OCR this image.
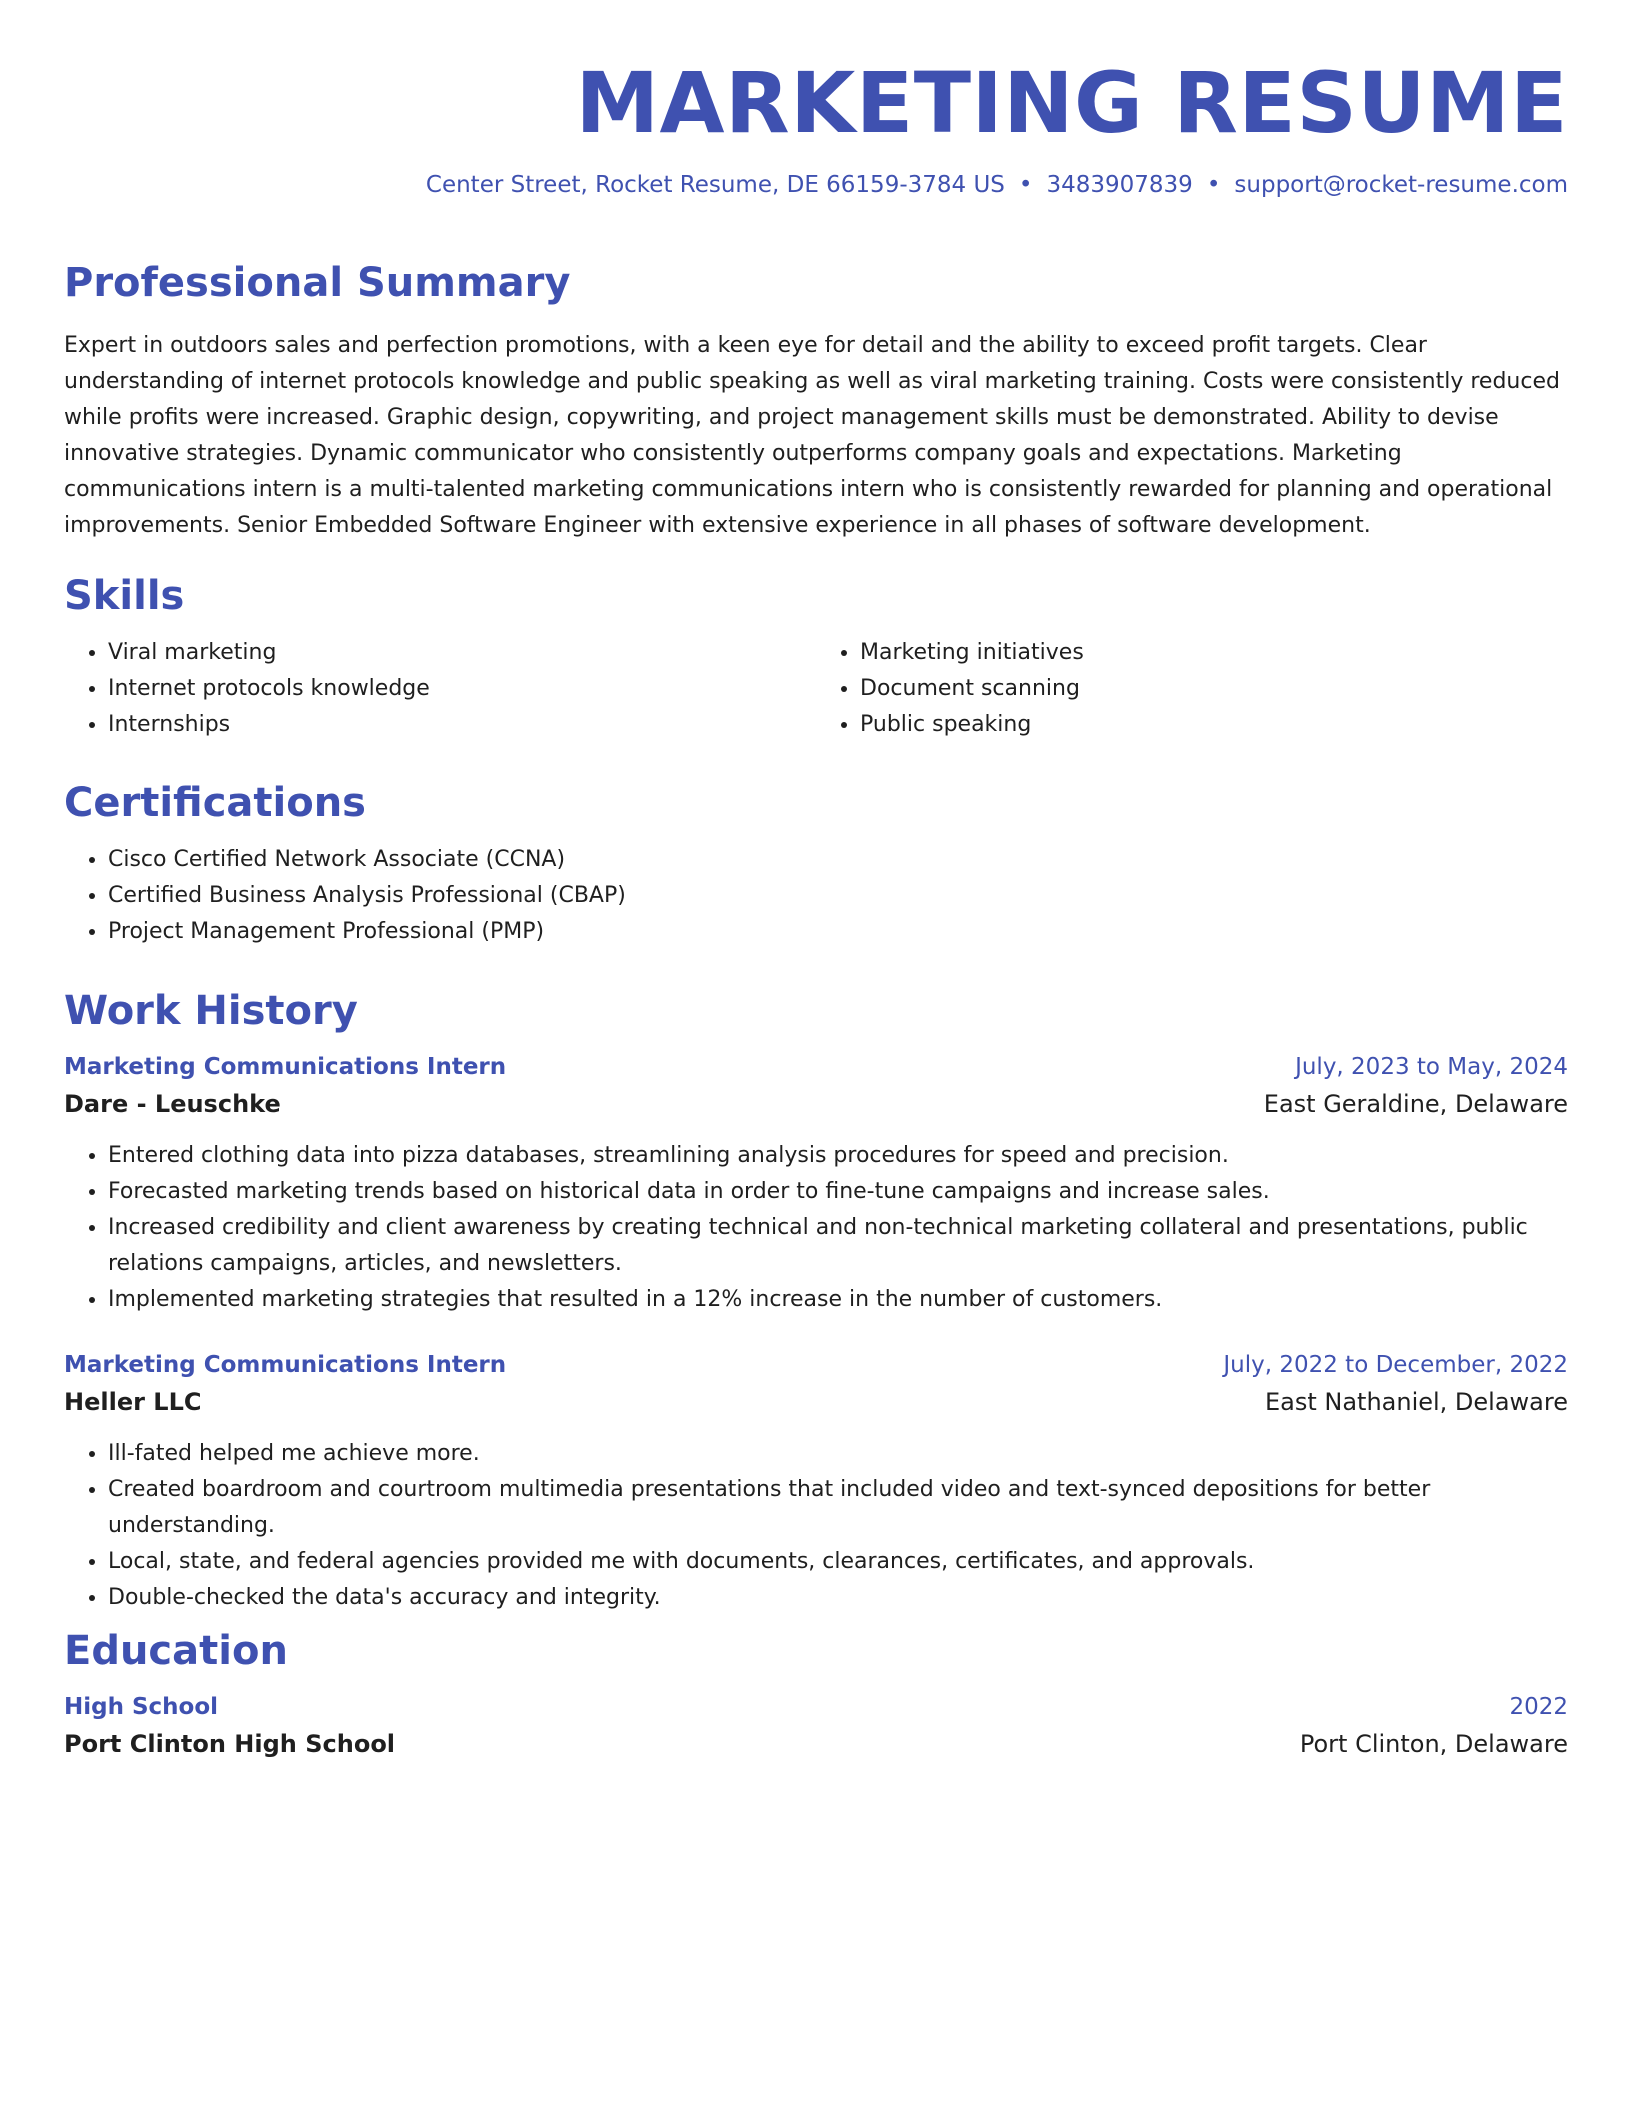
MARKETING RESUME
Center Street, Rocket Resume, DE 66159-3784 US • 3483907839 • support@rocket-resume.com
Professional Summary

Expert in outdoors sales and perfection promotions, with a keen eye for detail and the ability to exceed profit targets. Clear understanding of internet protocols knowledge and public speaking as well as viral marketing training. Costs were consistently reduced while profits were increased. Graphic design, copywriting, and project management skills must be demonstrated. Ability to devise innovative strategies. Dynamic communicator who consistently outperforms company goals and expectations. Marketing communications intern is a multi-talented marketing communications intern who is consistently rewarded for planning and operational improvements. Senior Embedded Software Engineer with extensive experience in all phases of software development.

Skills
• Viral marketing
• Internet protocols knowledge
• Internships
• Marketing initiatives
• Document scanning
• Public speaking
Certifications
• Cisco Certified Network Associate (CCNA)
• Certified Business Analysis Professional (CBAP)
• Project Management Professional (PMP)
Work History
Marketing Communications Intern	July, 2023 to May, 2024
Dare - Leuschke	East Geraldine, Delaware
• Entered clothing data into pizza databases, streamlining analysis procedures for speed and precision.
• Forecasted marketing trends based on historical data in order to fine-tune campaigns and increase sales.
• Increased credibility and client awareness by creating technical and non-technical marketing collateral and presentations, public relations campaigns, articles, and newsletters.
• Implemented marketing strategies that resulted in a 12% increase in the number of customers.
Marketing Communications Intern	July, 2022 to December, 2022
Heller LLC	East Nathaniel, Delaware
• Ill-fated helped me achieve more.
• Created boardroom and courtroom multimedia presentations that included video and text-synced depositions for better understanding.
• Local, state, and federal agencies provided me with documents, clearances, certificates, and approvals.
• Double-checked the data's accuracy and integrity.
Education
High School	2022
Port Clinton High School	Port Clinton, Delaware
